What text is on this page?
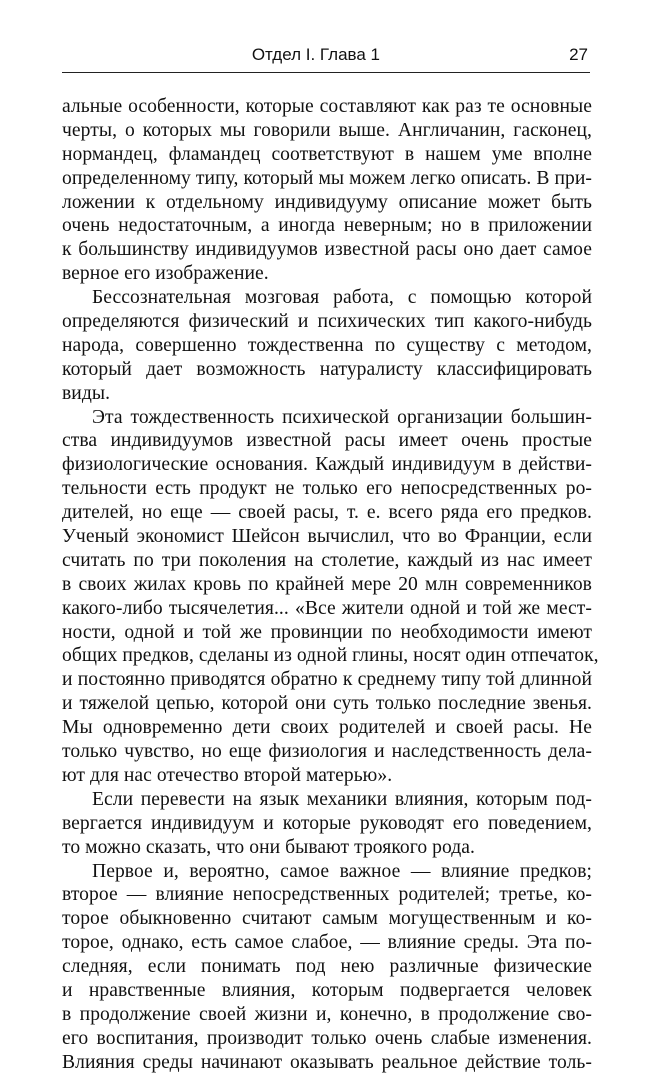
Отдел I. Глава 1	27
альные особенности, которые составляют как раз те основные
черты, о которых мы говорили выше. Англичанин, гасконец,
нормандец, фламандец соответствуют в нашем уме вполне
определенному типу, который мы можем легко описать. В при-
ложении к отдельному индивидууму описание может быть
очень недостаточным, а иногда неверным; но в приложении
к большинству индивидуумов известной расы оно дает самое
верное его изображение.
Бессознательная мозговая работа, с помощью которой
определяются физический и психических тип какого-нибудь
народа, совершенно тождественна по существу с методом,
который дает возможность натуралисту классифицировать
виды.
Эта тождественность психической организации большин-
ства индивидуумов известной расы имеет очень простые
физиологические основания. Каждый индивидуум в действи-
тельности есть продукт не только его непосредственных ро-
дителей, но еще — своей расы, т. е. всего ряда его предков.
Ученый экономист Шейсон вычислил, что во Франции, если
считать по три поколения на столетие, каждый из нас имеет
в своих жилах кровь по крайней мере 20 млн современников
какого-либо тысячелетия... «Все жители одной и той же мест-
ности, одной и той же провинции по необходимости имеют
общих предков, сделаны из одной глины, носят один отпечаток,
и постоянно приводятся обратно к среднему типу той длинной
и тяжелой цепью, которой они суть только последние звенья.
Мы одновременно дети своих родителей и своей расы. Не
только чувство, но еще физиология и наследственность дела-
ют для нас отечество второй матерью».
Если перевести на язык механики влияния, которым под-
вергается индивидуум и которые руководят его поведением,
то можно сказать, что они бывают троякого рода.
Первое и, вероятно, самое важное — влияние предков;
второе — влияние непосредственных родителей; третье, ко-
торое обыкновенно считают самым могущественным и ко-
торое, однако, есть самое слабое, — влияние среды. Эта по-
следняя, если понимать под нею различные физические
и нравственные влияния, которым подвергается человек
в продолжение своей жизни и, конечно, в продолжение сво-
его воспитания, производит только очень слабые изменения.
Влияния среды начинают оказывать реальное действие толь-
